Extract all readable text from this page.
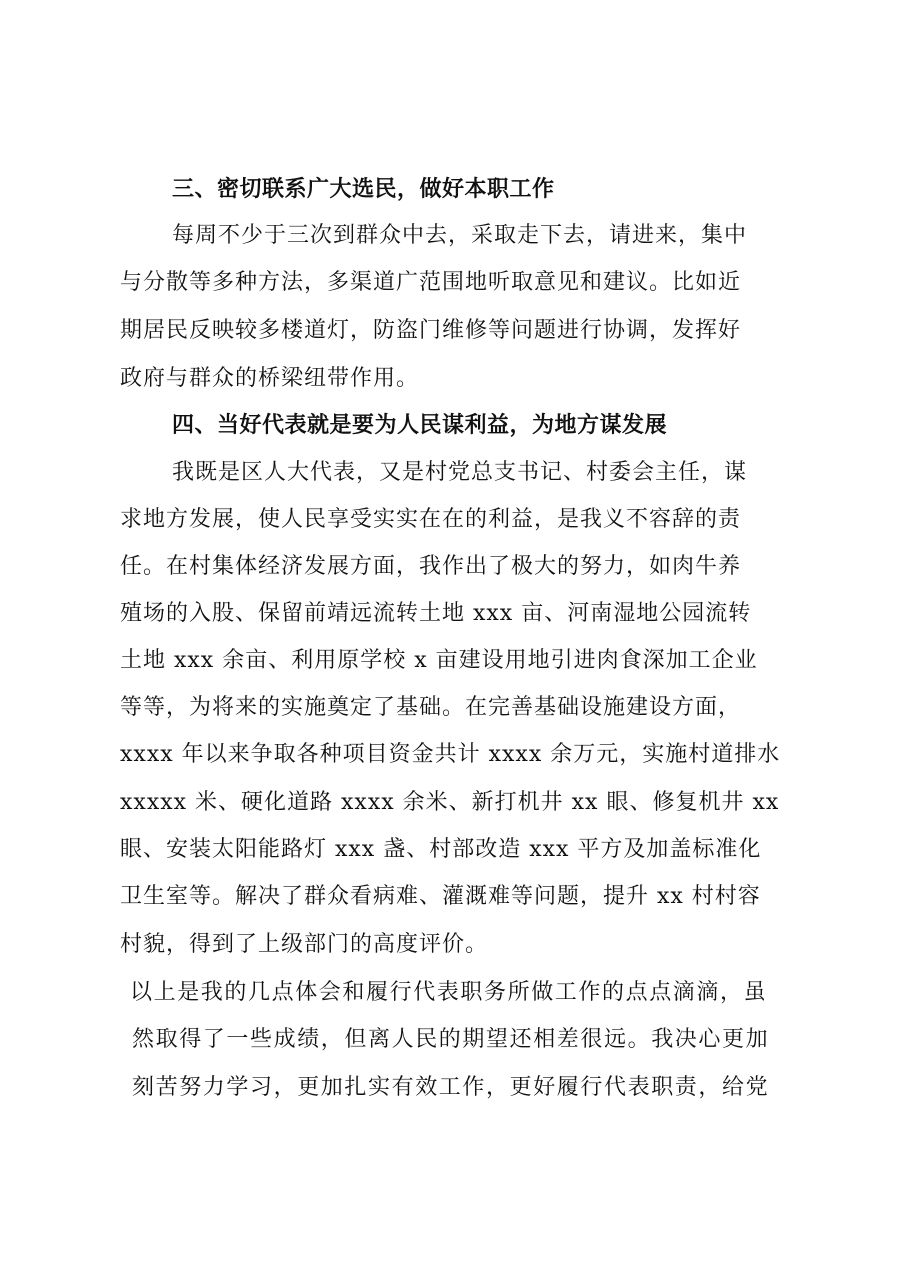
三、密切联系广大选民，做好本职工作
每周不少于三次到群众中去，采取走下去，请进来，集中
与分散等多种方法，多渠道广范围地听取意见和建议。比如近
期居民反映较多楼道灯，防盗门维修等问题进行协调，发挥好
政府与群众的桥梁纽带作用。
四、当好代表就是要为人民谋利益，为地方谋发展
我既是区人大代表，又是村党总支书记、村委会主任，谋
求地方发展，使人民享受实实在在的利益，是我义不容辞的责
任。在村集体经济发展方面，我作出了极大的努力，如肉牛养
殖场的入股、保留前靖远流转土地 xxx 亩、河南湿地公园流转
土地 xxx 余亩、利用原学校 x 亩建设用地引进肉食深加工企业
等等，为将来的实施奠定了基础。在完善基础设施建设方面，
xxxx 年以来争取各种项目资金共计 xxxx 余万元，实施村道排水
xxxxx 米、硬化道路 xxxx 余米、新打机井 xx 眼、修复机井 xx
眼、安装太阳能路灯 xxx 盏、村部改造 xxx 平方及加盖标准化
卫生室等。解决了群众看病难、灌溉难等问题，提升 xx 村村容
村貌，得到了上级部门的高度评价。
以上是我的几点体会和履行代表职务所做工作的点点滴滴，虽
然取得了一些成绩，但离人民的期望还相差很远。我决心更加
刻苦努力学习，更加扎实有效工作，更好履行代表职责，给党
